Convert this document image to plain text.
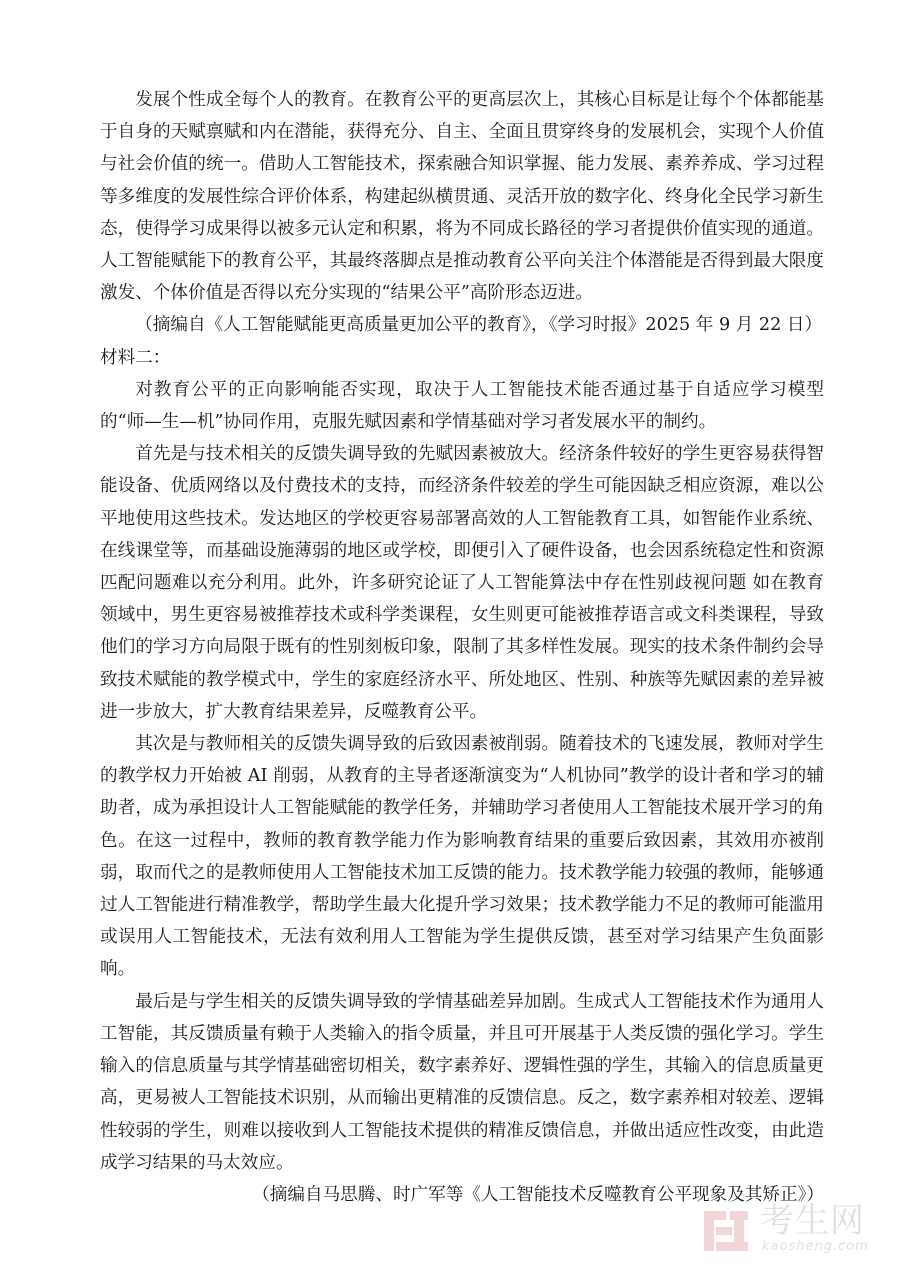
发展个性成全每个人的教育。在教育公平的更高层次上，其核心目标是让每个个体都能基于自身的天赋禀赋和内在潜能，获得充分、自主、全面且贯穿终身的发展机会，实现个人价值与社会价值的统一。借助人工智能技术，探索融合知识掌握、能力发展、素养养成、学习过程等多维度的发展性综合评价体系，构建起纵横贯通、灵活开放的数字化、终身化全民学习新生态，使得学习成果得以被多元认定和积累，将为不同成长路径的学习者提供价值实现的通道。人工智能赋能下的教育公平，其最终落脚点是推动教育公平向关注个体潜能是否得到最大限度激发、个体价值是否得以充分实现的“结果公平”高阶形态迈进。

（摘编自《人工智能赋能更高质量更加公平的教育》，《学习时报》2025 年 9 月 22 日）

材料二：

对教育公平的正向影响能否实现，取决于人工智能技术能否通过基于自适应学习模型的“师—生—机”协同作用，克服先赋因素和学情基础对学习者发展水平的制约。

首先是与技术相关的反馈失调导致的先赋因素被放大。经济条件较好的学生更容易获得智能设备、优质网络以及付费技术的支持，而经济条件较差的学生可能因缺乏相应资源，难以公平地使用这些技术。发达地区的学校更容易部署高效的人工智能教育工具，如智能作业系统、在线课堂等，而基础设施薄弱的地区或学校，即便引入了硬件设备，也会因系统稳定性和资源匹配问题难以充分利用。此外，许多研究论证了人工智能算法中存在性别歧视问题 如在教育领域中，男生更容易被推荐技术或科学类课程，女生则更可能被推荐语言或文科类课程，导致他们的学习方向局限于既有的性别刻板印象，限制了其多样性发展。现实的技术条件制约会导致技术赋能的教学模式中，学生的家庭经济水平、所处地区、性别、种族等先赋因素的差异被进一步放大，扩大教育结果差异，反噬教育公平。

其次是与教师相关的反馈失调导致的后致因素被削弱。随着技术的飞速发展，教师对学生的教学权力开始被 AI 削弱，从教育的主导者逐渐演变为“人机协同”教学的设计者和学习的辅助者，成为承担设计人工智能赋能的教学任务，并辅助学习者使用人工智能技术展开学习的角色。在这一过程中，教师的教育教学能力作为影响教育结果的重要后致因素，其效用亦被削弱，取而代之的是教师使用人工智能技术加工反馈的能力。技术教学能力较强的教师，能够通过人工智能进行精准教学，帮助学生最大化提升学习效果；技术教学能力不足的教师可能滥用或误用人工智能技术，无法有效利用人工智能为学生提供反馈，甚至对学习结果产生负面影响。

最后是与学生相关的反馈失调导致的学情基础差异加剧。生成式人工智能技术作为通用人工智能，其反馈质量有赖于人类输入的指令质量，并且可开展基于人类反馈的强化学习。学生输入的信息质量与其学情基础密切相关，数字素养好、逻辑性强的学生，其输入的信息质量更高，更易被人工智能技术识别，从而输出更精准的反馈信息。反之，数字素养相对较差、逻辑性较弱的学生，则难以接收到人工智能技术提供的精准反馈信息，并做出适应性改变，由此造成学习结果的马太效应。

（摘编自马思腾、时广军等《人工智能技术反噬教育公平现象及其矫正》）

考生网
kaosheng.com
